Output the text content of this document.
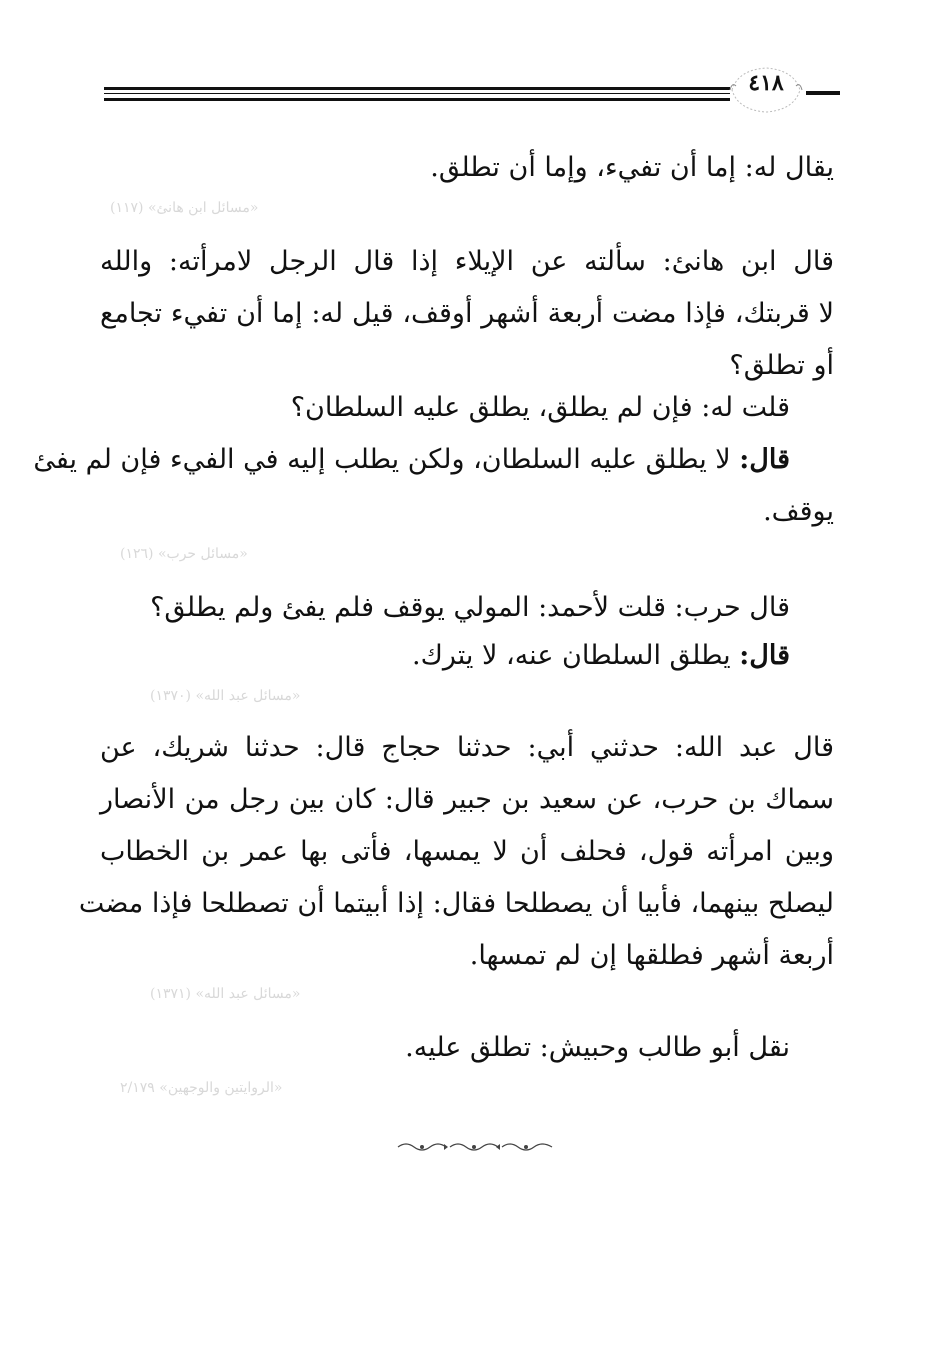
٤١٨
يقال له: إما أن تفيء، وإما أن تطلق.
«مسائل ابن هانئ» (١١٧)
قال ابن هانئ: سألته عن الإيلاء إذا قال الرجل لامرأته: والله
لا قربتك، فإذا مضت أربعة أشهر أوقف، قيل له: إما أن تفيء تجامع
أو تطلق؟
قلت له: فإن لم يطلق، يطلق عليه السلطان؟
قال: لا يطلق عليه السلطان، ولكن يطلب إليه في الفيء فإن لم يفئ
يوقف.
«مسائل حرب» (١٢٦)
قال حرب: قلت لأحمد: المولي يوقف فلم يفئ ولم يطلق؟
قال: يطلق السلطان عنه، لا يترك.
«مسائل عبد الله» (١٣٧٠)
قال عبد الله: حدثني أبي: حدثنا حجاج قال: حدثنا شريك، عن
سماك بن حرب، عن سعيد بن جبير قال: كان بين رجل من الأنصار
وبين امرأته قول، فحلف أن لا يمسها، فأتى بها عمر بن الخطاب
ليصلح بينهما، فأبيا أن يصطلحا فقال: إذا أبيتما أن تصطلحا فإذا مضت
أربعة أشهر فطلقها إن لم تمسها.
«مسائل عبد الله» (١٣٧١)
نقل أبو طالب وحبيش: تطلق عليه.
«الروايتين والوجهين» ٢/١٧٩
